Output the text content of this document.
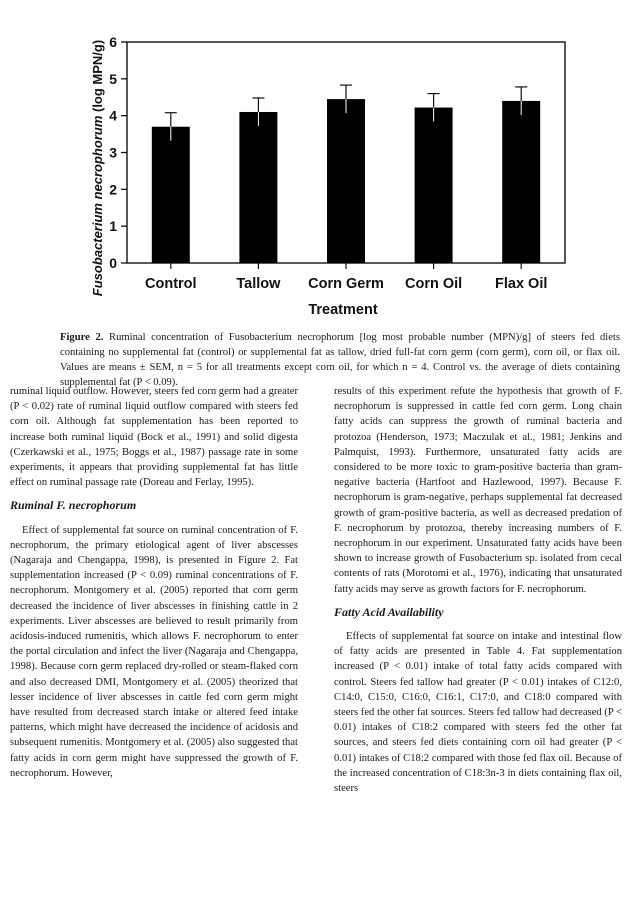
0
1
2
3
4
5
6
Control	Tallow Corn Germ Corn Oil Flax Oil
Fusobacterium necrophorum (log MPN/g)
Treatment

Figure 2. Ruminal concentration of Fusobacterium necrophorum [log most probable number (MPN)/g] of steers fed diets containing no supplemental fat (control) or supplemental fat as tallow, dried full-fat corn germ (corn germ), corn oil, or flax oil. Values are means ± SEM, n = 5 for all treatments except corn oil, for which n = 4. Control vs. the average of diets containing supplemental fat (P < 0.09).

ruminal liquid outflow. However, steers fed corn germ had a greater (P < 0.02) rate of ruminal liquid outflow compared with steers fed corn oil. Although fat supplementation has been reported to increase both ruminal liquid (Bock et al., 1991) and solid digesta (Czerkawski et al., 1975; Boggs et al., 1987) passage rate in some experiments, it appears that providing supplemental fat has little effect on ruminal passage rate (Doreau and Ferlay, 1995).

Ruminal F. necrophorum

Effect of supplemental fat source on ruminal concentration of F. necrophorum, the primary etiological agent of liver abscesses (Nagaraja and Chengappa, 1998), is presented in Figure 2. Fat supplementation increased (P < 0.09) ruminal concentrations of F. necrophorum. Montgomery et al. (2005) reported that corn germ decreased the incidence of liver abscesses in finishing cattle in 2 experiments. Liver abscesses are believed to result primarily from acidosis-induced rumenitis, which allows F. necrophorum to enter the portal circulation and infect the liver (Nagaraja and Chengappa, 1998). Because corn germ replaced dry-rolled or steam-flaked corn and also decreased DMI, Montgomery et al. (2005) theorized that lesser incidence of liver abscesses in cattle fed corn germ might have resulted from decreased starch intake or altered feed intake patterns, which might have decreased the incidence of acidosis and subsequent rumenitis. Montgomery et al. (2005) also suggested that fatty acids in corn germ might have suppressed the growth of F. necrophorum. However,

results of this experiment refute the hypothesis that growth of F. necrophorum is suppressed in cattle fed corn germ. Long chain fatty acids can suppress the growth of ruminal bacteria and protozoa (Henderson, 1973; Maczulak et al., 1981; Jenkins and Palmquist, 1993). Furthermore, unsaturated fatty acids are considered to be more toxic to gram-positive bacteria than gram-negative bacteria (Hartfoot and Hazlewood, 1997). Because F. necrophorum is gram-negative, perhaps supplemental fat decreased growth of gram-positive bacteria, as well as decreased predation of F. necrophorum by protozoa, thereby increasing numbers of F. necrophorum in our experiment. Unsaturated fatty acids have been shown to increase growth of Fusobacterium sp. isolated from cecal contents of rats (Morotomi et al., 1976), indicating that unsaturated fatty acids may serve as growth factors for F. necrophorum.

Fatty Acid Availability

Effects of supplemental fat source on intake and intestinal flow of fatty acids are presented in Table 4. Fat supplementation increased (P < 0.01) intake of total fatty acids compared with control. Steers fed tallow had greater (P < 0.01) intakes of C12:0, C14:0, C15:0, C16:0, C16:1, C17:0, and C18:0 compared with steers fed the other fat sources. Steers fed tallow had decreased (P < 0.01) intakes of C18:2 compared with steers fed the other fat sources, and steers fed diets containing corn oil had greater (P < 0.01) intakes of C18:2 compared with those fed flax oil. Because of the increased concentration of C18:3n-3 in diets containing flax oil, steers
